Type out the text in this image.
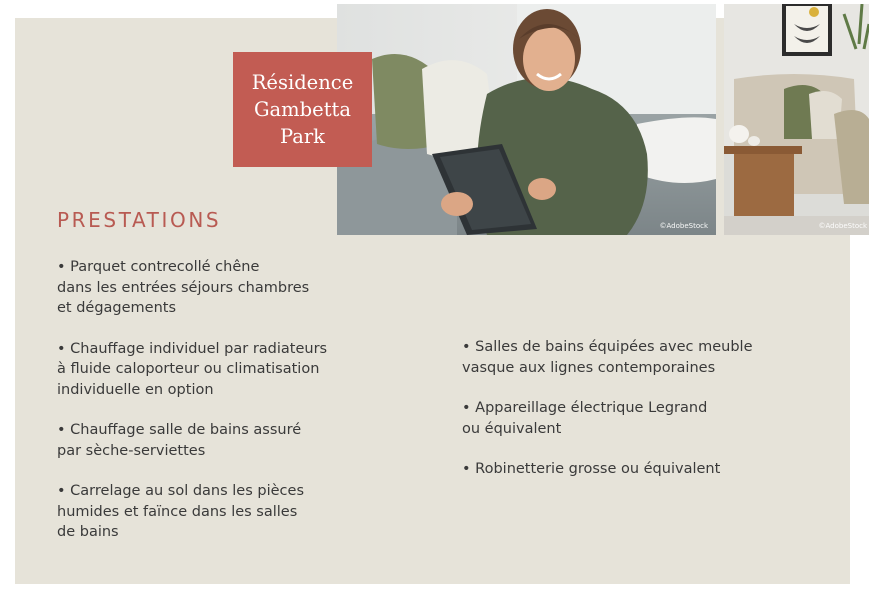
©AdobeStock	©AdobeStock
Résidence
Gambetta
Park
PRESTATIONS

• Parquet contrecollé chêne
dans les entrées séjours chambres
et dégagements

• Chauffage individuel par radiateurs
à fluide caloporteur ou climatisation
individuelle en option

• Chauffage salle de bains assuré
par sèche-serviettes

• Carrelage au sol dans les pièces
humides et faïnce dans les salles
de bains

• Salles de bains équipées avec meuble
vasque aux lignes contemporaines

• Appareillage électrique Legrand
ou équivalent

• Robinetterie grosse ou équivalent
